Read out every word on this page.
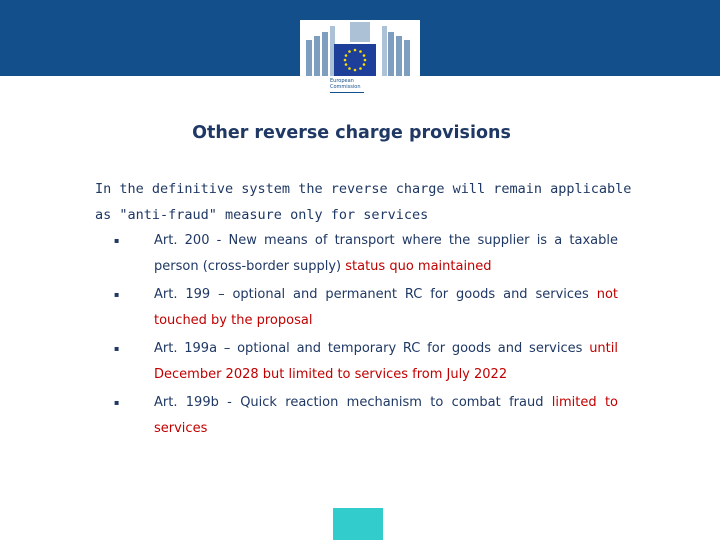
European
Commission
Other reverse charge provisions

In the definitive system the reverse charge will remain applicable as "anti-fraud" measure only for services

▪	Art. 200 - New means of transport where the supplier is a taxable person (cross-border supply) status quo maintained
▪	Art. 199 – optional and permanent RC for goods and services not touched by the proposal
▪	Art. 199a – optional and temporary RC for goods and services until December 2028 but limited to services from July 2022
▪	Art. 199b - Quick reaction mechanism to combat fraud limited to services
